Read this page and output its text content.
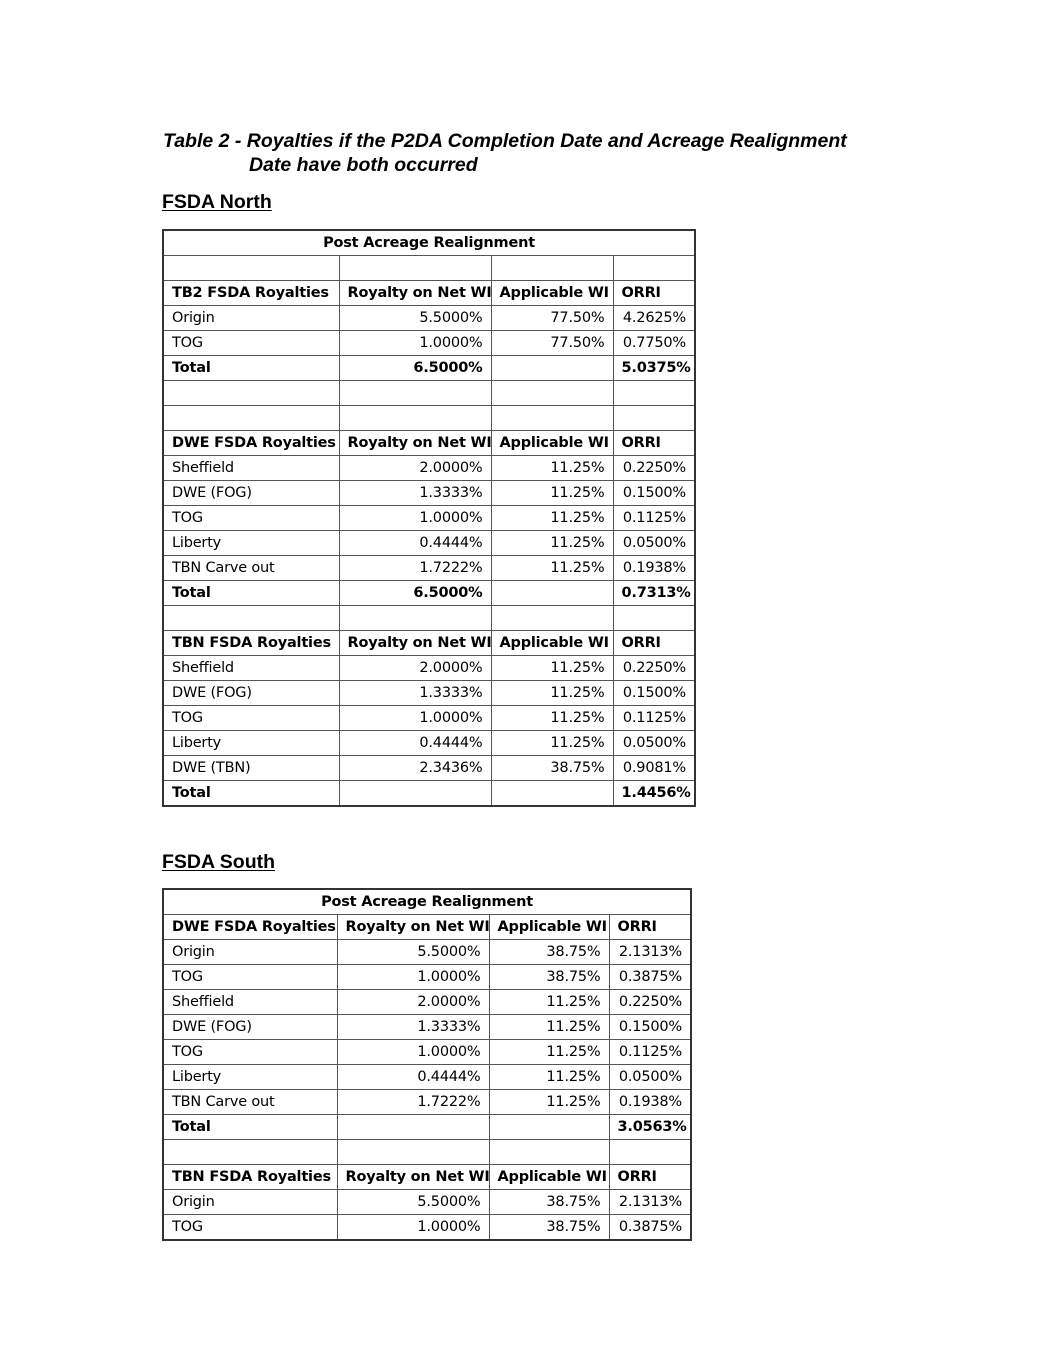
Table 2 - Royalties if the P2DA Completion Date and Acreage Realignment
Date have both occurred
FSDA North
Post Acreage Realignment			

TB2 FSDA Royalties	Royalty on Net WI	Applicable WI	ORRI
Origin	5.5000%	77.50%	4.2625%
TOG	1.0000%	77.50%	0.7750%
Total	6.5000%		5.0375%

DWE FSDA Royalties	Royalty on Net WI	Applicable WI	ORRI
Sheffield	2.0000%	11.25%	0.2250%
DWE (FOG)	1.3333%	11.25%	0.1500%
TOG	1.0000%	11.25%	0.1125%
Liberty	0.4444%	11.25%	0.0500%
TBN Carve out	1.7222%	11.25%	0.1938%
Total	6.5000%		0.7313%

TBN FSDA Royalties	Royalty on Net WI	Applicable WI	ORRI
Sheffield	2.0000%	11.25%	0.2250%
DWE (FOG)	1.3333%	11.25%	0.1500%
TOG	1.0000%	11.25%	0.1125%
Liberty	0.4444%	11.25%	0.0500%
DWE (TBN)	2.3436%	38.75%	0.9081%
Total			1.4456%
FSDA South
Post Acreage Realignment			
DWE FSDA Royalties	Royalty on Net WI	Applicable WI	ORRI
Origin	5.5000%	38.75%	2.1313%
TOG	1.0000%	38.75%	0.3875%
Sheffield	2.0000%	11.25%	0.2250%
DWE (FOG)	1.3333%	11.25%	0.1500%
TOG	1.0000%	11.25%	0.1125%
Liberty	0.4444%	11.25%	0.0500%
TBN Carve out	1.7222%	11.25%	0.1938%
Total			3.0563%

TBN FSDA Royalties	Royalty on Net WI	Applicable WI	ORRI
Origin	5.5000%	38.75%	2.1313%
TOG	1.0000%	38.75%	0.3875%
